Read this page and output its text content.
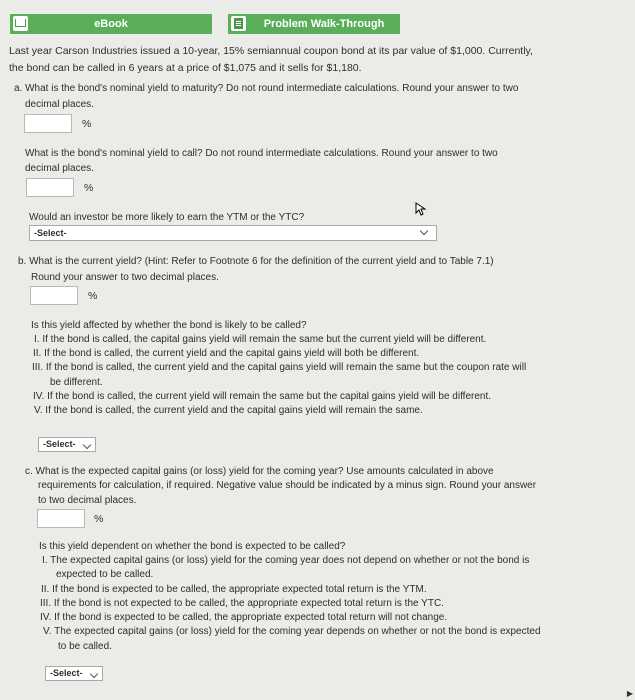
eBook	Problem Walk-Through
Last year Carson Industries issued a 10-year, 15% semiannual coupon bond at its par value of $1,000. Currently,
the bond can be called in 6 years at a price of $1,075 and it sells for $1,180.
a. What is the bond's nominal yield to maturity? Do not round intermediate calculations. Round your answer to two
decimal places.
%
What is the bond's nominal yield to call? Do not round intermediate calculations. Round your answer to two
decimal places.
%
Would an investor be more likely to earn the YTM or the YTC?
-Select-
b. What is the current yield? (Hint: Refer to Footnote 6 for the definition of the current yield and to Table 7.1)
Round your answer to two decimal places.
%
Is this yield affected by whether the bond is likely to be called?
I. If the bond is called, the capital gains yield will remain the same but the current yield will be different.
II. If the bond is called, the current yield and the capital gains yield will both be different.
III. If the bond is called, the current yield and the capital gains yield will remain the same but the coupon rate will
be different.
IV. If the bond is called, the current yield will remain the same but the capital gains yield will be different.
V. If the bond is called, the current yield and the capital gains yield will remain the same.
-Select-
c. What is the expected capital gains (or loss) yield for the coming year? Use amounts calculated in above
requirements for calculation, if required. Negative value should be indicated by a minus sign. Round your answer
to two decimal places.
%
Is this yield dependent on whether the bond is expected to be called?
I. The expected capital gains (or loss) yield for the coming year does not depend on whether or not the bond is
expected to be called.
II. If the bond is expected to be called, the appropriate expected total return is the YTM.
III. If the bond is not expected to be called, the appropriate expected total return is the YTC.
IV. If the bond is expected to be called, the appropriate expected total return will not change.
V. The expected capital gains (or loss) yield for the coming year depends on whether or not the bond is expected
to be called.
-Select-
▶
